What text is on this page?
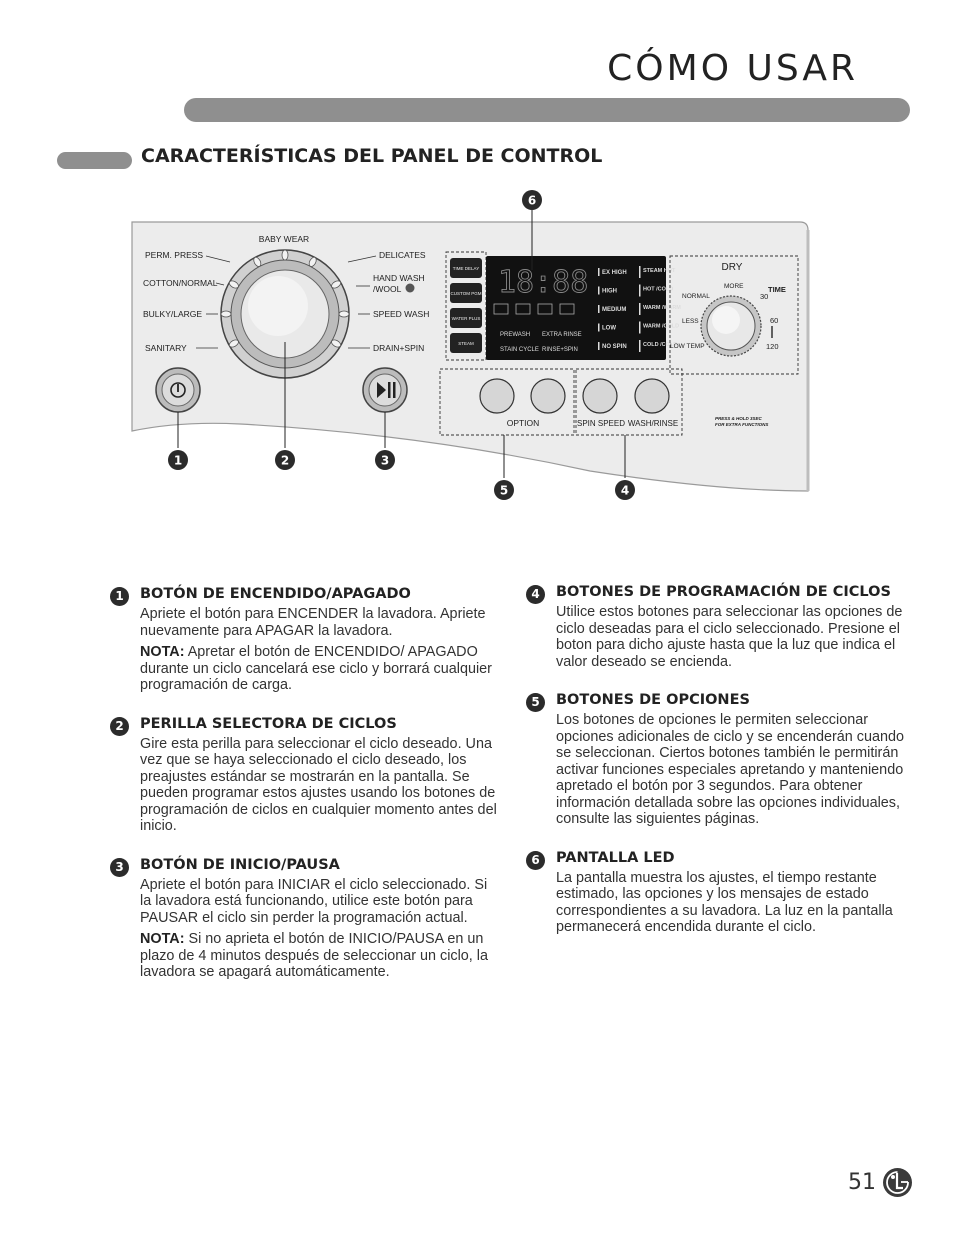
CÓMO USAR
CARACTERÍSTICAS DEL PANEL DE CONTROL
BABY WEAR
PERM. PRESS	DELICATES
COTTON/NORMAL	HAND WASH
/WOOL
BULKY/LARGE	SPEED WASH
SANITARY	DRAIN+SPIN
TIME DELAY
CUSTOM PGM
WATER PLUS
STEAM
18:88
PREWASH EXTRA RINSE
STAIN CYCLE RINSE+SPIN
EX HIGH
HIGH
MEDIUM
LOW
NO SPIN
STEAM HOT
HOT /COLD
WARM /WARM
WARM /COLD
COLD /COLD
DRY
NORMAL
MORE
LESS
LOW TEMP
TIME
30
60
120
OPTION	SPIN SPEED WASH/RINSE
PRESS & HOLD 3SEC
FOR EXTRA FUNCTIONS
1	2	3
4
5
6
1	BOTÓN DE ENCENDIDO/APAGADO

Apriete el botón para ENCENDER la lavadora. Apriete nuevamente para APAGAR la lavadora.

NOTA: Apretar el botón de ENCENDIDO/ APAGADO durante un ciclo cancelará ese ciclo y borrará cualquier programación de carga.

2	PERILLA SELECTORA DE CICLOS

Gire esta perilla para seleccionar el ciclo deseado. Una vez que se haya seleccionado el ciclo deseado, los preajustes estándar se mostrarán en la pantalla. Se pueden programar estos ajustes usando los botones de programación de ciclos en cualquier momento antes del inicio.

3	BOTÓN DE INICIO/PAUSA

Apriete el botón para INICIAR el ciclo seleccionado. Si la lavadora está funcionando, utilice este botón para PAUSAR el ciclo sin perder la programación actual.

NOTA: Si no aprieta el botón de INICIO/PAUSA en un plazo de 4 minutos después de seleccionar un ciclo, la lavadora se apagará automáticamente.

4	BOTONES DE PROGRAMACIÓN DE CICLOS

Utilice estos botones para seleccionar las opciones de ciclo deseadas para el ciclo seleccionado. Presione el boton para dicho ajuste hasta que la luz que indica el valor deseado se encienda.

5	BOTONES DE OPCIONES

Los botones de opciones le permiten seleccionar opciones adicionales de ciclo y se encenderán cuando se seleccionan. Ciertos botones también le permitirán activar funciones especiales apretando y manteniendo apretado el botón por 3 segundos. Para obtener información detallada sobre las opciones individuales, consulte las siguientes páginas.

6	PANTALLA LED

La pantalla muestra los ajustes, el tiempo restante estimado, las opciones y los mensajes de estado correspondientes a su lavadora. La luz en la pantalla permanecerá encendida durante el ciclo.

51
